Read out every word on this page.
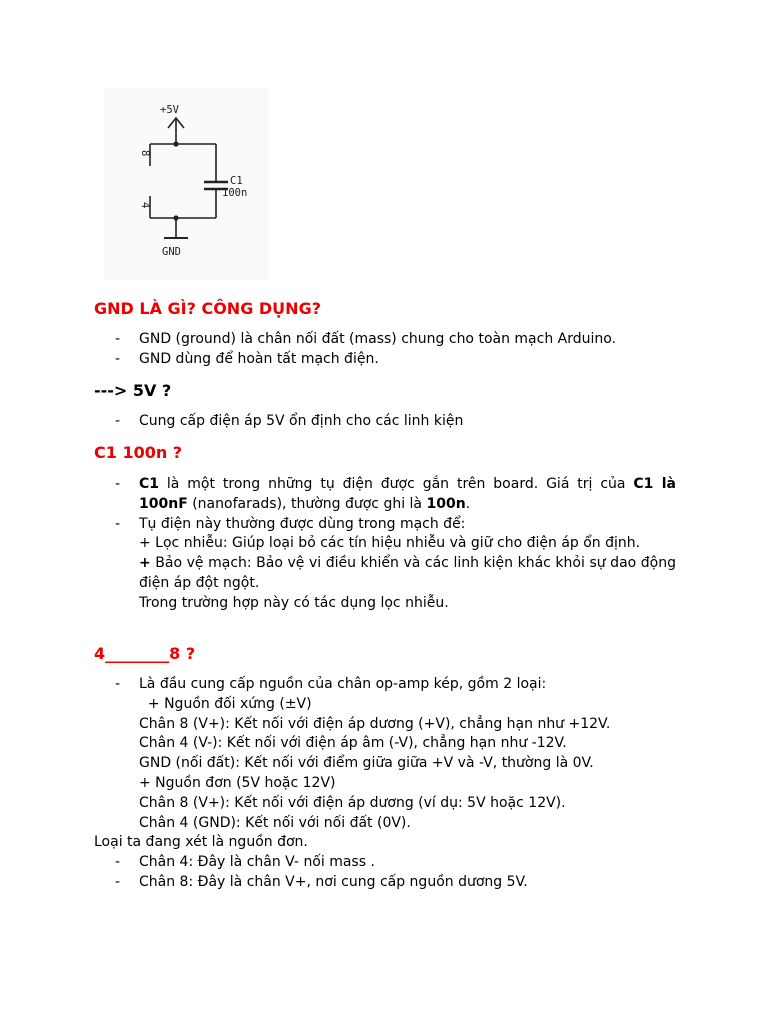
+5V
8
4
C1
100n
GND
GND LÀ GÌ? CÔNG DỤNG?

- GND (ground) là chân nối đất (mass) chung cho toàn mạch Arduino.

- GND dùng để hoàn tất mạch điện.

---> 5V ?

- Cung cấp điện áp 5V ổn định cho các linh kiện

C1 100n ?

- C1 là một trong những tụ điện được gắn trên board. Giá trị của C1 là 100nF (nanofarads), thường được ghi là 100n.

- Tụ điện này thường được dùng trong mạch để:

+ Lọc nhiễu: Giúp loại bỏ các tín hiệu nhiễu và giữ cho điện áp ổn định.

+ Bảo vệ mạch: Bảo vệ vi điều khiển và các linh kiện khác khỏi sự dao động điện áp đột ngột.

Trong trường hợp này có tác dụng lọc nhiễu.

4________8 ?

- Là đầu cung cấp nguồn của chân op-amp kép, gồm 2 loại:

+ Nguồn đối xứng (±V)

Chân 8 (V+): Kết nối với điện áp dương (+V), chẳng hạn như +12V.

Chân 4 (V-): Kết nối với điện áp âm (-V), chẳng hạn như -12V.

GND (nối đất): Kết nối với điểm giữa giữa +V và -V, thường là 0V.

+ Nguồn đơn (5V hoặc 12V)

Chân 8 (V+): Kết nối với điện áp dương (ví dụ: 5V hoặc 12V).

Chân 4 (GND): Kết nối với nối đất (0V).

Loại ta đang xét là nguồn đơn.

- Chân 4: Đây là chân V- nối mass .

- Chân 8: Đây là chân V+, nơi cung cấp nguồn dương 5V.
